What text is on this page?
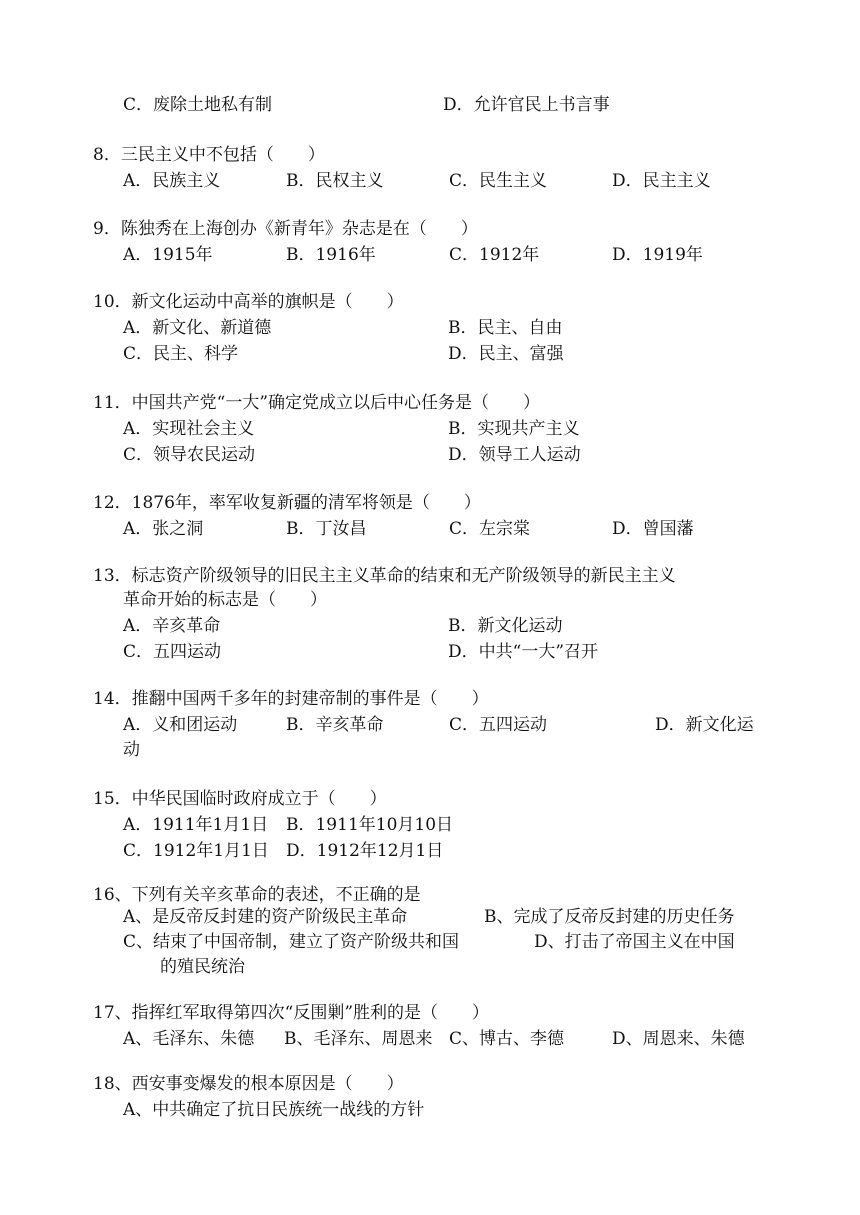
C．废除土地私有制	D．允许官民上书言事
8．三民主义中不包括（　　）
A．民族主义	B．民权主义	C．民生主义	D．民主主义
9．陈独秀在上海创办《新青年》杂志是在（　　）
A．1915年	B．1916年	C．1912年	D．1919年
10．新文化运动中高举的旗帜是（　　）
A．新文化、新道德	B．民主、自由
C．民主、科学	D．民主、富强
11．中国共产党“一大”确定党成立以后中心任务是（　　）
A．实现社会主义	B．实现共产主义
C．领导农民运动	D．领导工人运动
12．1876年，率军收复新疆的清军将领是（　　）
A．张之洞	B．丁汝昌	C．左宗棠	D．曾国藩
13．标志资产阶级领导的旧民主主义革命的结束和无产阶级领导的新民主主义
革命开始的标志是（　　）
A．辛亥革命	B．新文化运动
C．五四运动	D．中共“一大”召开
14．推翻中国两千多年的封建帝制的事件是（　　）
A．义和团运动	B．辛亥革命	C．五四运动	D．新文化运
动
15．中华民国临时政府成立于（　　）
A．1911年1月1日 B．1911年10月10日
C．1912年1月1日 D．1912年12月1日
16、下列有关辛亥革命的表述，不正确的是
A、是反帝反封建的资产阶级民主革命	B、完成了反帝反封建的历史任务
C、结束了中国帝制，建立了资产阶级共和国	D、打击了帝国主义在中国
的殖民统治
17、指挥红军取得第四次“反围剿”胜利的是（　　）
A、毛泽东、朱德 B、毛泽东、周恩来 C、博古、李德	D、周恩来、朱德
18、西安事变爆发的根本原因是（　　）
A、中共确定了抗日民族统一战线的方针
